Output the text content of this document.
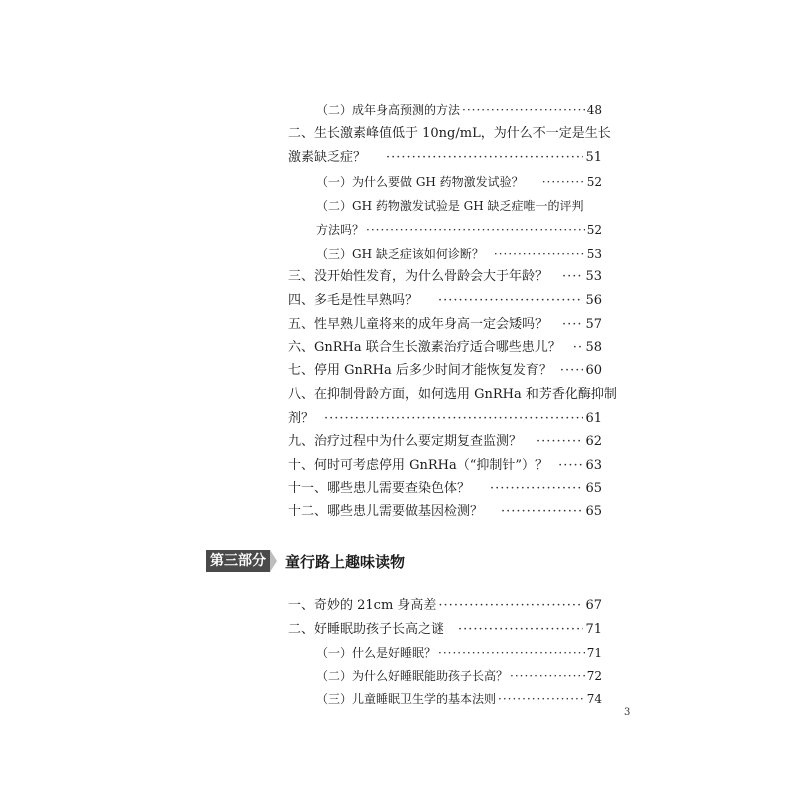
（二）成年身高预测的方法 ·····	48
二、生长激素峰值低于 10ng/mL，为什么不一定是生长
激素缺乏症？ ·····	51
（一）为什么要做 GH 药物激发试验？ ·····	52
（二）GH 药物激发试验是 GH 缺乏症唯一的评判
方法吗？ ·····	52
（三）GH 缺乏症该如何诊断？ ·····	53
三、没开始性发育，为什么骨龄会大于年龄？ ·····	53
四、多毛是性早熟吗？ ·····	56
五、性早熟儿童将来的成年身高一定会矮吗？ ·····	57
六、GnRHa 联合生长激素治疗适合哪些患儿？ ····· 58
七、停用 GnRHa 后多少时间才能恢复发育？ ·····	60
八、在抑制骨龄方面，如何选用 GnRHa 和芳香化酶抑制
剂？ ·····	61
九、治疗过程中为什么要定期复查监测？ ·····	62
十、何时可考虑停用 GnRHa（“抑制针”）？ ·····	63
十一、哪些患儿需要查染色体？ ·····	65
十二、哪些患儿需要做基因检测？ ·····	65
第三部分 童行路上趣味读物
一、奇妙的 21cm 身高差 ·····	67
二、好睡眠助孩子长高之谜 ·····	71
（一）什么是好睡眠？ ·····	71
（二）为什么好睡眠能助孩子长高？ ·····	72
（三）儿童睡眠卫生学的基本法则 ·····	74
3
